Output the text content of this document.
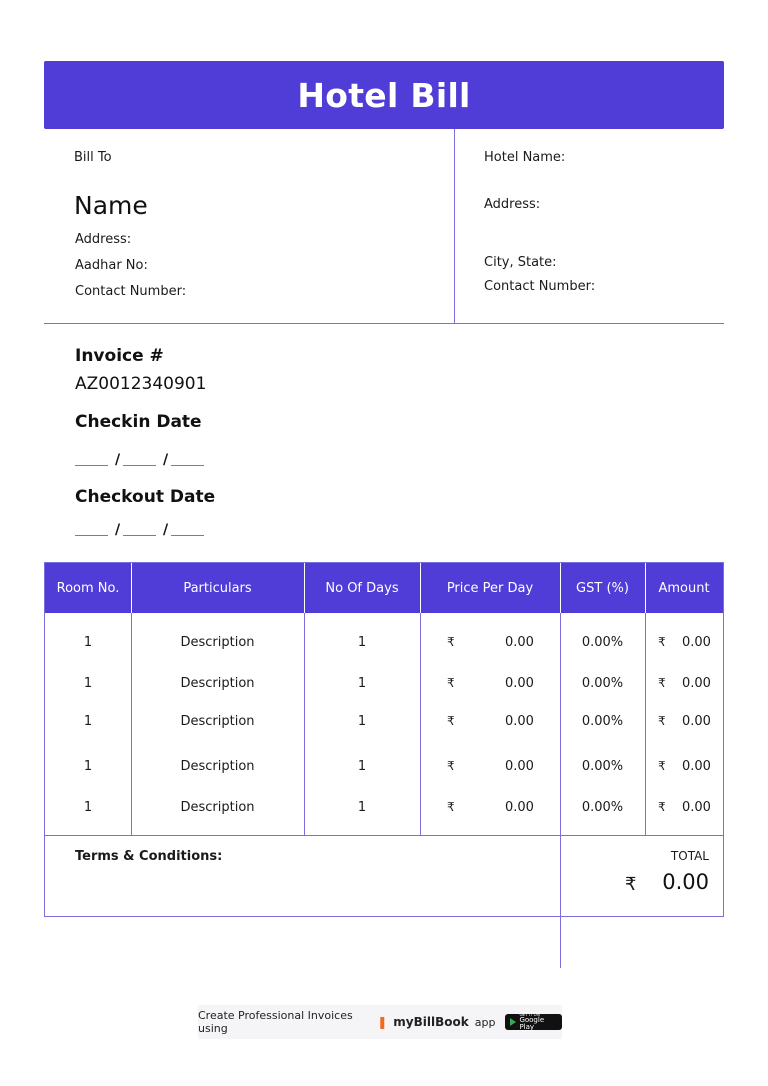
Hotel Bill
Bill To
Name
Address:
Aadhar No:
Contact Number:
Hotel Name:
Address:
City, State:
Contact Number:
Invoice #
AZ0012340901
Checkin Date
/	/
Checkout Date
/	/
Room No.	Particulars	No Of Days	Price Per Day	GST (%)	Amount
1	Description	1	₹	0.00	0.00%	₹ 0.00
1	Description	1	₹	0.00	0.00%	₹ 0.00
1	Description	1	₹	0.00	0.00%	₹ 0.00
1	Description	1	₹	0.00	0.00%	₹ 0.00
1	Description	1	₹	0.00	0.00%	₹ 0.00
Terms & Conditions:	TOTAL
₹ 0.00
Create Professional Invoices using	❚ myBillBook app
GET IT ON
Google Play
